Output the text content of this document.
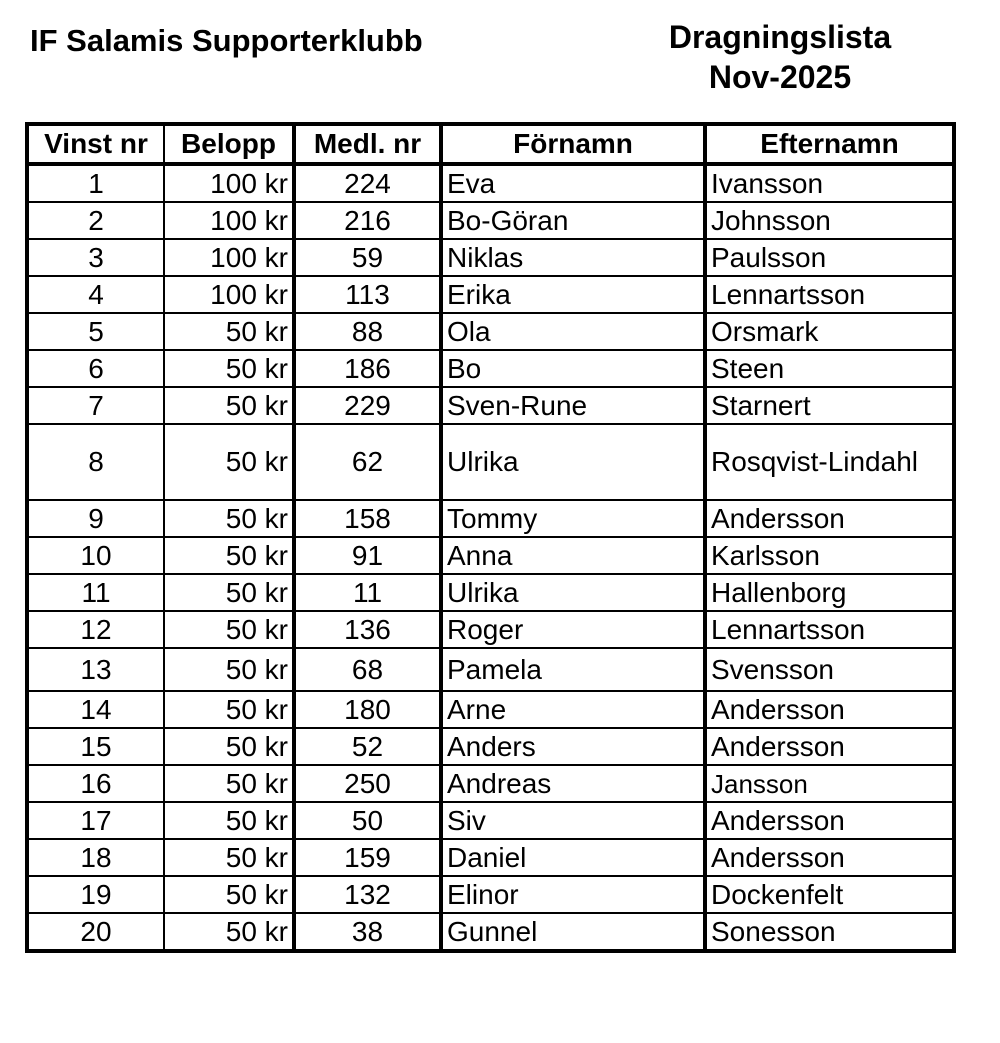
IF Salamis Supporterklubb	Dragningslista
Nov-2025
Vinst nr	Belopp	Medl. nr	Förnamn	Efternamn
1	100 kr	224	Eva	Ivansson
2	100 kr	216	Bo-Göran	Johnsson
3	100 kr	59	Niklas	Paulsson
4	100 kr	113	Erika	Lennartsson
5	50 kr	88	Ola	Orsmark
6	50 kr	186	Bo	Steen
7	50 kr	229	Sven-Rune	Starnert
8	50 kr	62	Ulrika	Rosqvist-Lindahl
9	50 kr	158	Tommy	Andersson
10	50 kr	91	Anna	Karlsson
11	50 kr	11	Ulrika	Hallenborg
12	50 kr	136	Roger	Lennartsson
13	50 kr	68	Pamela	Svensson
14	50 kr	180	Arne	Andersson
15	50 kr	52	Anders	Andersson
16	50 kr	250	Andreas	Jansson
17	50 kr	50	Siv	Andersson
18	50 kr	159	Daniel	Andersson
19	50 kr	132	Elinor	Dockenfelt
20	50 kr	38	Gunnel	Sonesson
